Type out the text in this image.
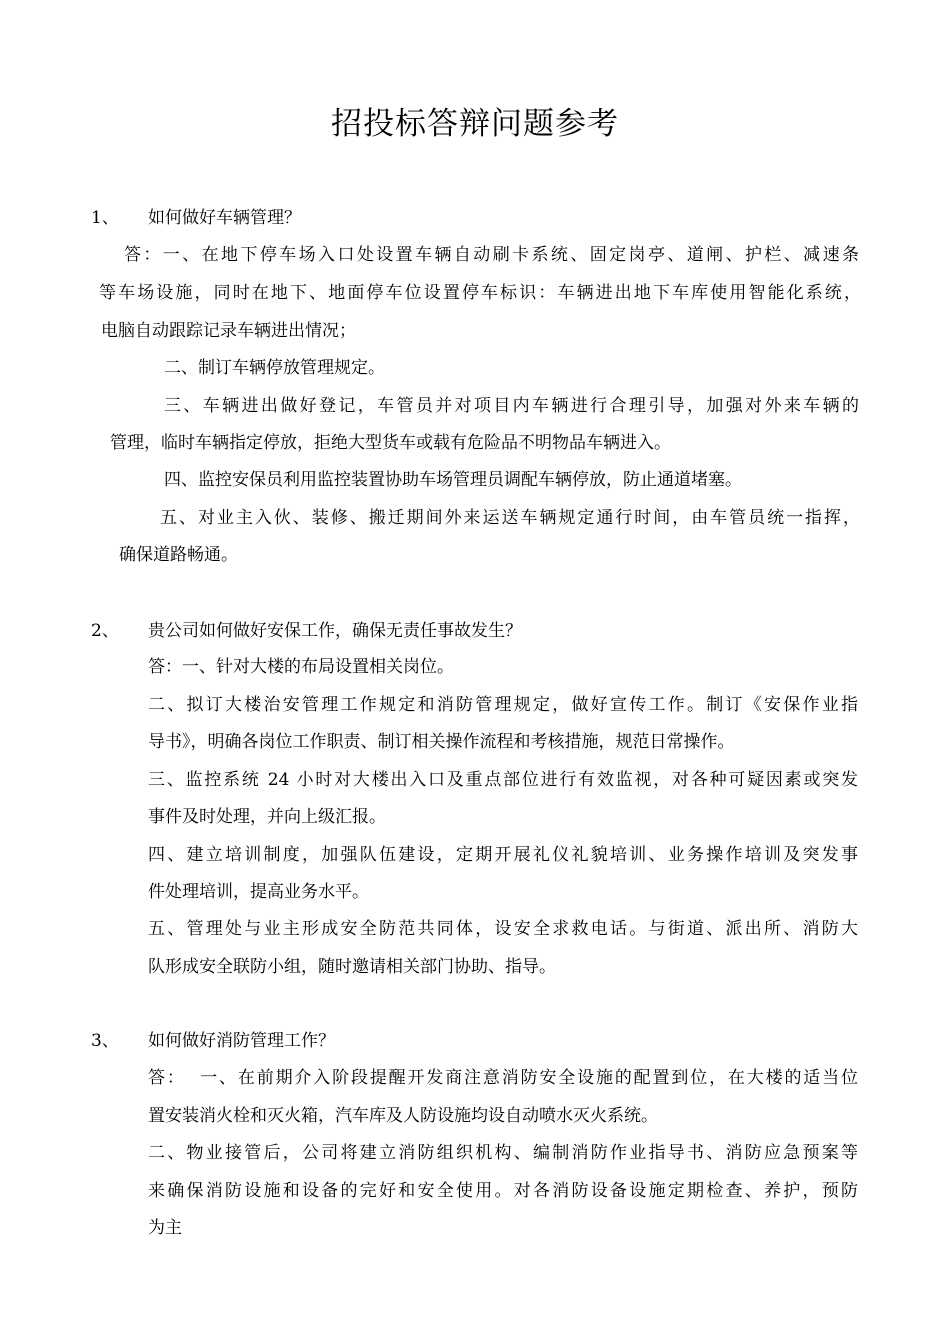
招投标答辩问题参考
1、 如何做好车辆管理？
答：一、在地下停车场入口处设置车辆自动刷卡系统、固定岗亭、道闸、护栏、减速条
等车场设施，同时在地下、地面停车位设置停车标识：车辆进出地下车库使用智能化系统，
电脑自动跟踪记录车辆进出情况；
二、制订车辆停放管理规定。
三、车辆进出做好登记，车管员并对项目内车辆进行合理引导，加强对外来车辆的
管理，临时车辆指定停放，拒绝大型货车或载有危险品不明物品车辆进入。
四、监控安保员利用监控装置协助车场管理员调配车辆停放，防止通道堵塞。
五、对业主入伙、装修、搬迁期间外来运送车辆规定通行时间，由车管员统一指挥，
确保道路畅通。
2、 贵公司如何做好安保工作，确保无责任事故发生？
答：一、针对大楼的布局设置相关岗位。
二、拟订大楼治安管理工作规定和消防管理规定，做好宣传工作。制订《安保作业指
导书》，明确各岗位工作职责、制订相关操作流程和考核措施，规范日常操作。
三、监控系统 24 小时对大楼出入口及重点部位进行有效监视，对各种可疑因素或突发
事件及时处理，并向上级汇报。
四、建立培训制度，加强队伍建设，定期开展礼仪礼貌培训、业务操作培训及突发事
件处理培训，提高业务水平。
五、管理处与业主形成安全防范共同体，设安全求救电话。与街道、派出所、消防大
队形成安全联防小组，随时邀请相关部门协助、指导。
3、 如何做好消防管理工作？
答：  一、在前期介入阶段提醒开发商注意消防安全设施的配置到位，在大楼的适当位
置安装消火栓和灭火箱，汽车库及人防设施均设自动喷水灭火系统。
二、物业接管后，公司将建立消防组织机构、编制消防作业指导书、消防应急预案等
来确保消防设施和设备的完好和安全使用。对各消防设备设施定期检查、养护，预防
为主
